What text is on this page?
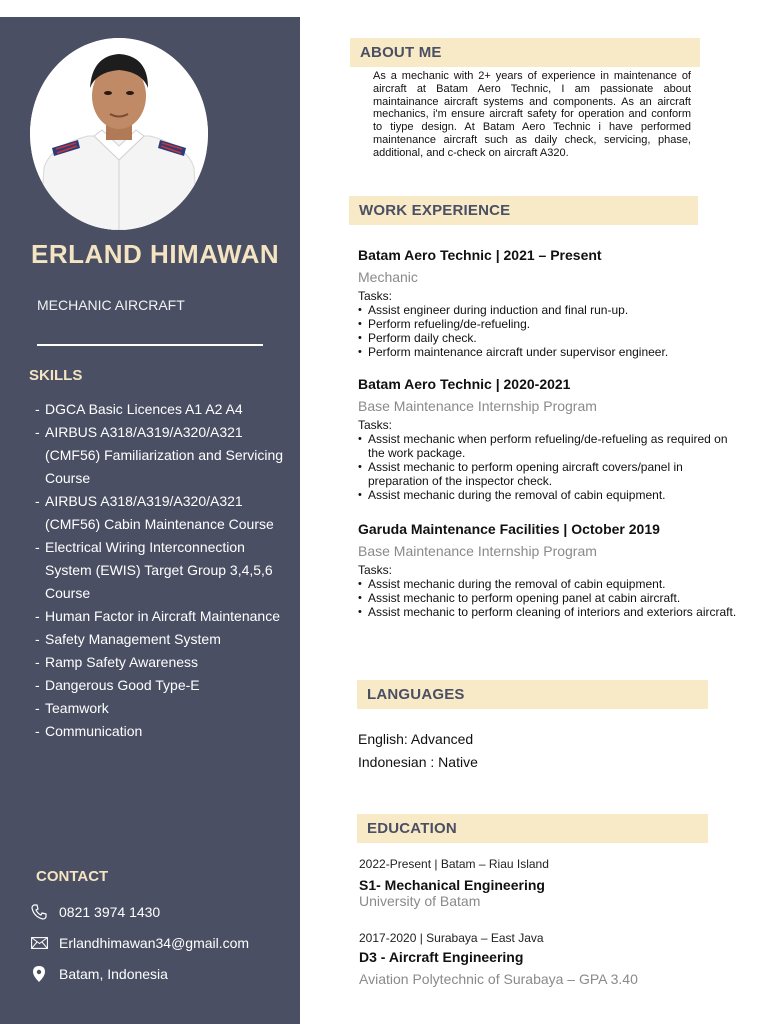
ERLAND HIMAWAN
MECHANIC AIRCRAFT
SKILLS
- DGCA Basic Licences A1 A2 A4
- AIRBUS A318/A319/A320/A321 (CMF56) Familiarization and Servicing Course
- AIRBUS A318/A319/A320/A321 (CMF56) Cabin Maintenance Course
- Electrical Wiring Interconnection System (EWIS) Target Group 3,4,5,6 Course
- Human Factor in Aircraft Maintenance
- Safety Management System
- Ramp Safety Awareness
- Dangerous Good Type-E
- Teamwork
- Communication
CONTACT
0821 3974 1430
Erlandhimawan34@gmail.com
Batam, Indonesia
ABOUT ME
As a mechanic with 2+ years of experience in maintenance of aircraft at Batam Aero Technic, I am passionate about maintainance aircraft systems and components. As an aircraft mechanics, i'm ensure aircraft safety for operation and conform to tiype design. At Batam Aero Technic i have performed maintenance aircraft such as daily check, servicing, phase, additional, and c-check on aircraft A320.
WORK EXPERIENCE
Batam Aero Technic | 2021 – Present
Mechanic
Tasks:
• Assist engineer during induction and final run-up.
• Perform refueling/de-refueling.
• Perform daily check.
• Perform maintenance aircraft under supervisor engineer.
Batam Aero Technic | 2020-2021
Base Maintenance Internship Program
Tasks:
• Assist mechanic when perform refueling/de-refueling as required on the work package.
• Assist mechanic to perform opening aircraft covers/panel in preparation of the inspector check.
• Assist mechanic during the removal of cabin equipment.
Garuda Maintenance Facilities | October 2019
Base Maintenance Internship Program
Tasks:
• Assist mechanic during the removal of cabin equipment.
• Assist mechanic to perform opening panel at cabin aircraft.
• Assist mechanic to perform cleaning of interiors and exteriors aircraft.
LANGUAGES
English: Advanced
Indonesian : Native
EDUCATION
2022-Present | Batam – Riau Island
S1- Mechanical Engineering
University of Batam
2017-2020 | Surabaya – East Java
D3 - Aircraft Engineering
Aviation Polytechnic of Surabaya – GPA 3.40
